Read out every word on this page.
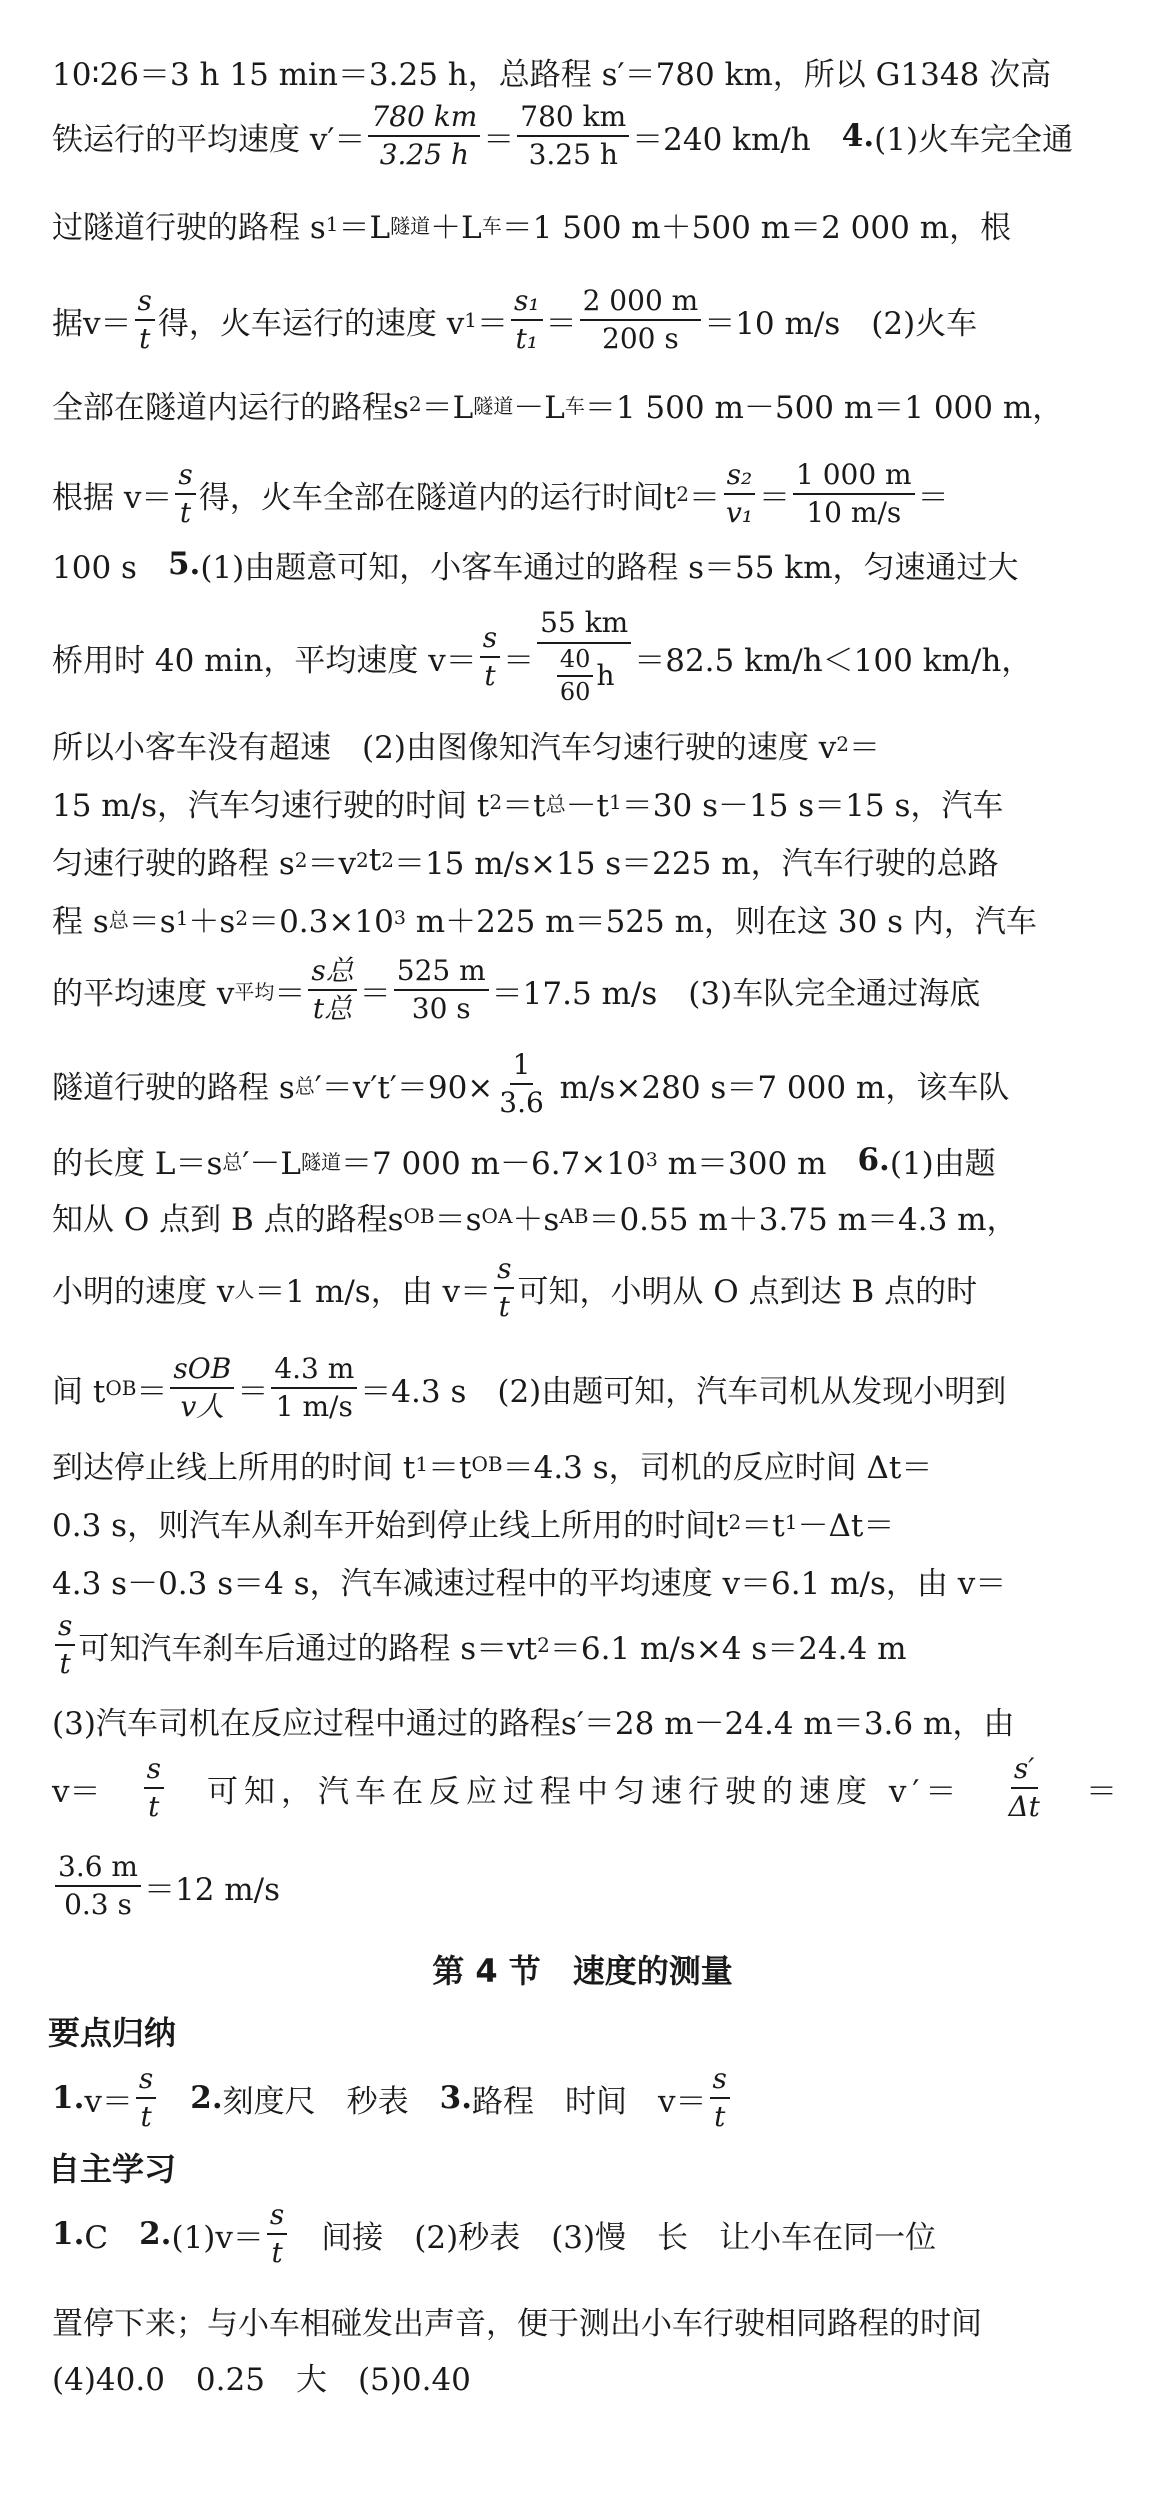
10∶26＝3 h 15 min＝3.25 h，总路程 s′＝780 km，所以 G1348 次高
铁运行的平均速度 $v'= \frac{780 km}{3.25 h} = \frac{780 km}{3.25 h} =240$ km/h　 4. (1)火车完全通
过隧道行驶的路程 s 1 ＝L 隧道 ＋L 车 ＝1 500 m＋500 m＝2 000 m，根
据$v= \frac{s}{t}$ 得，火车运行的速度 v $1 = \frac{\text{s₁}}{\text{t₁}} = \frac{2 000 m}{200 s} =10$ m/s　(2)火车
全部在隧道内运行的路程s 2 ＝L 隧道 －L 车 ＝1 500 m－500 m＝1 000 m，
根据 $v= \frac{s}{t}$ 得，火车全部在隧道内的运行时间t $2 = \frac{\text{s₂}}{\text{v₁}} = \frac{1 000 m}{10 m/s}$ ＝
100 s　 5. (1)由题意可知，小客车通过的路程 s＝55 km，匀速通过大
桥用时 40 min，平均速度 $v= \frac{s}{t} = \frac{55 km}{\frac{40}{60} h} =82.5$ km/h＜100 km/h，
所以小客车没有超速　(2)由图像知汽车匀速行驶的速度 v 2 ＝
15 m/s，汽车匀速行驶的时间 t 2 ＝t 总 －t 1 ＝30 s－15 s＝15 s，汽车
匀速行驶的路程 s 2 ＝v 2 t 2 ＝15 m/s×15 s＝225 m，汽车行驶的总路
程 s 总 ＝s 1 ＋s 2 ＝0.3×10 3 m＋225 m＝525 m，则在这 30 s 内，汽车
的平均速度 v 平均 ＝ $\frac{\text{s总}}{\text{t总}} = \frac{525 m}{30 s} =17.5$ m/s　(3)车队完全通过海底
隧道行驶的路程 s 总 $'=v't'=90\times \frac{1}{3.6} m/s\times 280$ s＝7 000 m，该车队
的长度 L＝s 总 ′－L 隧道 ＝7 000 m－6.7×10 3 m＝300 m　 6. (1)由题
知从 O 点到 B 点的路程s OB ＝s OA ＋s AB ＝0.55 m＋3.75 m＝4.3 m，
小明的速度 v 人 ＝1 m/s，由 $v= \frac{s}{t}$ 可知，小明从 O 点到达 B 点的时
间 t OB ＝ $\frac{\text{sOB}}{\text{v人}} = \frac{4.3 m}{1 m/s} =4.3$ s　(2)由题可知，汽车司机从发现小明到
到达停止线上所用的时间 t 1 ＝t OB ＝4.3 s，司机的反应时间 Δt＝
0.3 s，则汽车从刹车开始到停止线上所用的时间t 2 ＝t 1 －Δt＝
4.3 s－0.3 s＝4 s，汽车减速过程中的平均速度 v＝6.1 m/s，由 v＝
$\frac{s}{t}$ 可知汽车刹车后通过的路程 s＝vt 2 ＝6.1 m/s×4 s＝24.4 m
(3)汽车司机在反应过程中通过的路程s′＝28 m－24.4 m＝3.6 m，由
$v= \frac{s}{t}$ 可知，汽车在反应过程中匀速行驶的速度 $v'= \frac{s'}{\Delta t}$ ＝
$\frac{3.6 m}{0.3 s} =12$ m/s
第 4 节　速度的测量
要点归纳
1. $v= \frac{s}{t}$
　 2. 刻度尺　秒表　 3. 路程　时间　$v= \frac{s}{t}$
自主学习
1. C　 2. $(1)v= \frac{s}{t}$ 　间接　(2)秒表　(3)慢　长　让小车在同一位
置停下来；与小车相碰发出声音，便于测出小车行驶相同路程的时间
(4)40.0　0.25　大　(5)0.40
